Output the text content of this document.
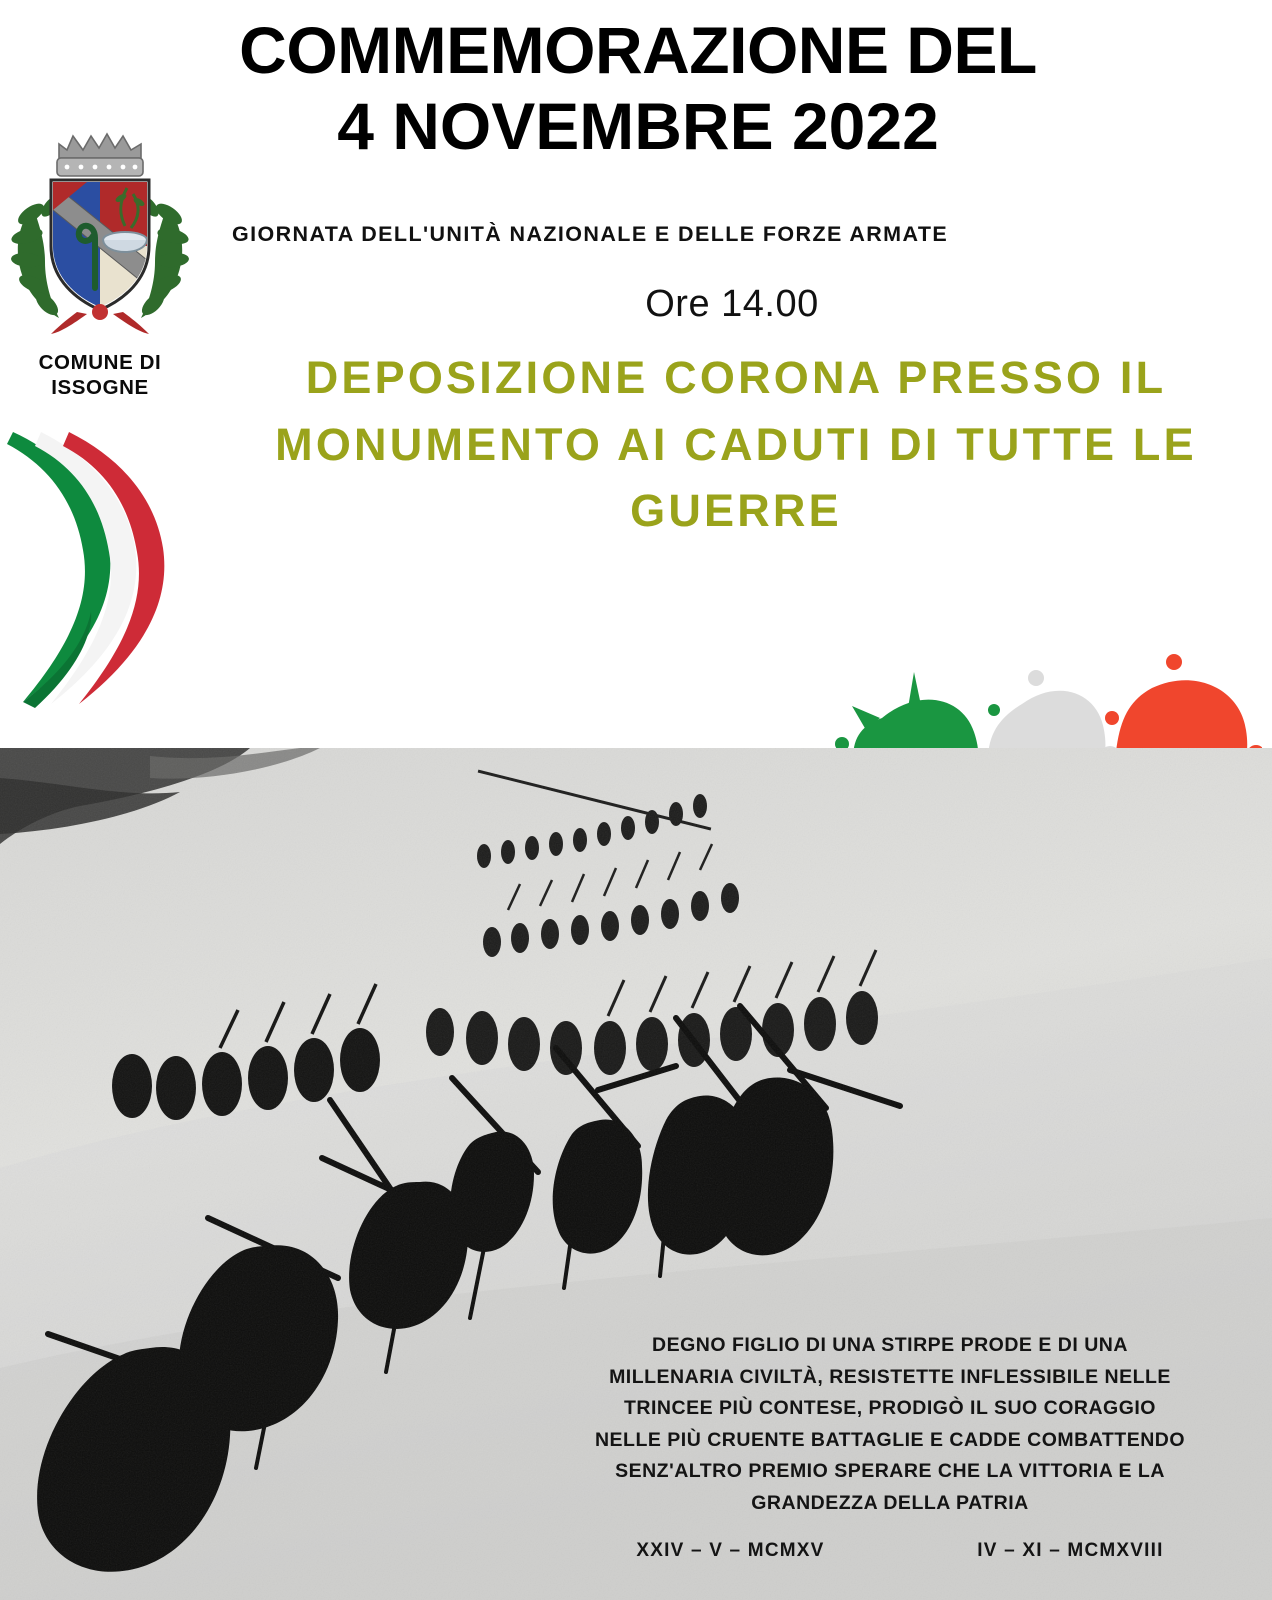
COMMEMORAZIONE DEL
4 NOVEMBRE 2022
GIORNATA DELL'UNITÀ NAZIONALE E DELLE FORZE ARMATE
Ore 14.00
DEPOSIZIONE CORONA PRESSO IL MONUMENTO AI CADUTI DI TUTTE LE GUERRE
COMUNE DI
ISSOGNE
DEGNO FIGLIO DI UNA STIRPE PRODE E DI UNA
MILLENARIA CIVILTÀ, RESISTETTE INFLESSIBILE NELLE
TRINCEE PIÙ CONTESE, PRODIGÒ IL SUO CORAGGIO
NELLE PIÙ CRUENTE BATTAGLIE E CADDE COMBATTENDO
SENZ'ALTRO PREMIO SPERARE CHE LA VITTORIA E LA
GRANDEZZA DELLA PATRIA
XXIV – V – MCMXV	IV – XI – MCMXVIII
